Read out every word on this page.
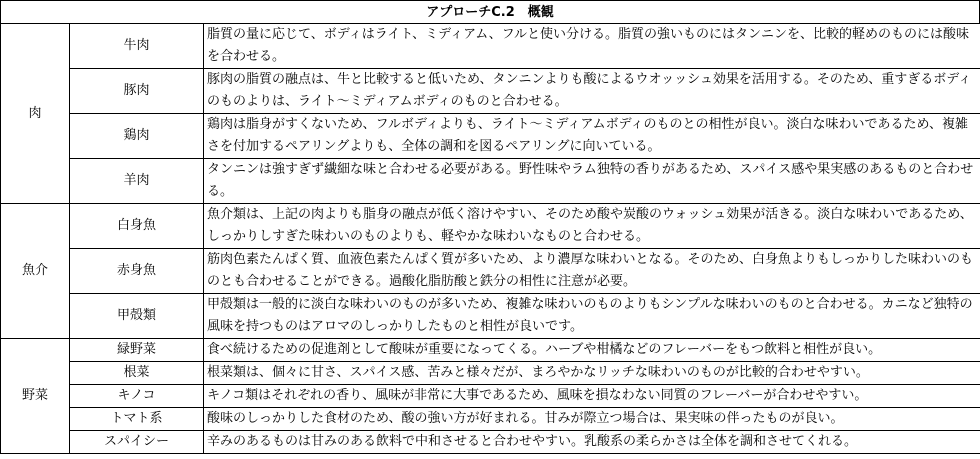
アプローチC.2　概観
肉	牛肉	脂質の量に応じて、ボディはライト、ミディアム、フルと使い分ける。脂質の強いものにはタンニンを、比較的軽めのものには酸味を合わせる。
	豚肉	豚肉の脂質の融点は、牛と比較すると低いため、タンニンよりも酸によるウオッッシュ効果を活用する。そのため、重すぎるボディのものよりは、ライト～ミディアムボディのものと合わせる。
	鶏肉	鶏肉は脂身がすくないため、フルボディよりも、ライト～ミディアムボディのものとの相性が良い。淡白な味わいであるため、複雑さを付加するペアリングよりも、全体の調和を図るペアリングに向いている。
	羊肉	タンニンは強すぎず繊細な味と合わせる必要がある。野性味やラム独特の香りがあるため、スパイス感や果実感のあるものと合わせる。
魚介	白身魚	魚介類は、上記の肉よりも脂身の融点が低く溶けやすい、そのため酸や炭酸のウォッシュ効果が活きる。淡白な味わいであるため、しっかりしすぎた味わいのものよりも、軽やかな味わいなものと合わせる。
	赤身魚	筋肉色素たんぱく質、血液色素たんぱく質が多いため、より濃厚な味わいとなる。そのため、白身魚よりもしっかりした味わいのものとも合わせることができる。過酸化脂肪酸と鉄分の相性に注意が必要。
	甲殻類	甲殻類は一般的に淡白な味わいのものが多いため、複雑な味わいのものよりもシンプルな味わいのものと合わせる。カニなど独特の風味を持つものはアロマのしっかりしたものと相性が良いです。
野菜	緑野菜	食べ続けるための促進剤として酸味が重要になってくる。ハーブや柑橘などのフレーバーをもつ飲料と相性が良い。
	根菜	根菜類は、個々に甘さ、スパイス感、苦みと様々だが、まろやかなリッチな味わいのものが比較的合わせやすい。
	キノコ	キノコ類はそれぞれの香り、風味が非常に大事であるため、風味を損なわない同質のフレーバーが合わせやすい。
	トマト系	酸味のしっかりした食材のため、酸の強い方が好まれる。甘みが際立つ場合は、果実味の伴ったものが良い。
	スパイシー	辛みのあるものは甘みのある飲料で中和させると合わせやすい。乳酸系の柔らかさは全体を調和させてくれる。
